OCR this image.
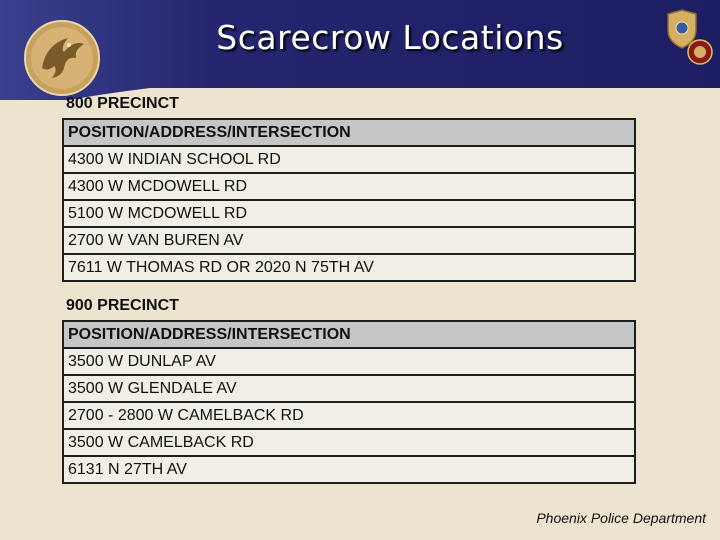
Scarecrow Locations
800 PRECINCT
POSITION/ADDRESS/INTERSECTION
4300 W INDIAN SCHOOL RD
4300 W MCDOWELL RD
5100 W MCDOWELL RD
2700 W VAN BUREN AV
7611 W THOMAS RD OR 2020 N 75TH AV
900 PRECINCT
POSITION/ADDRESS/INTERSECTION
3500 W DUNLAP AV
3500 W GLENDALE AV
2700 - 2800 W CAMELBACK RD
3500 W CAMELBACK RD
6131 N 27TH AV
Phoenix Police Department
